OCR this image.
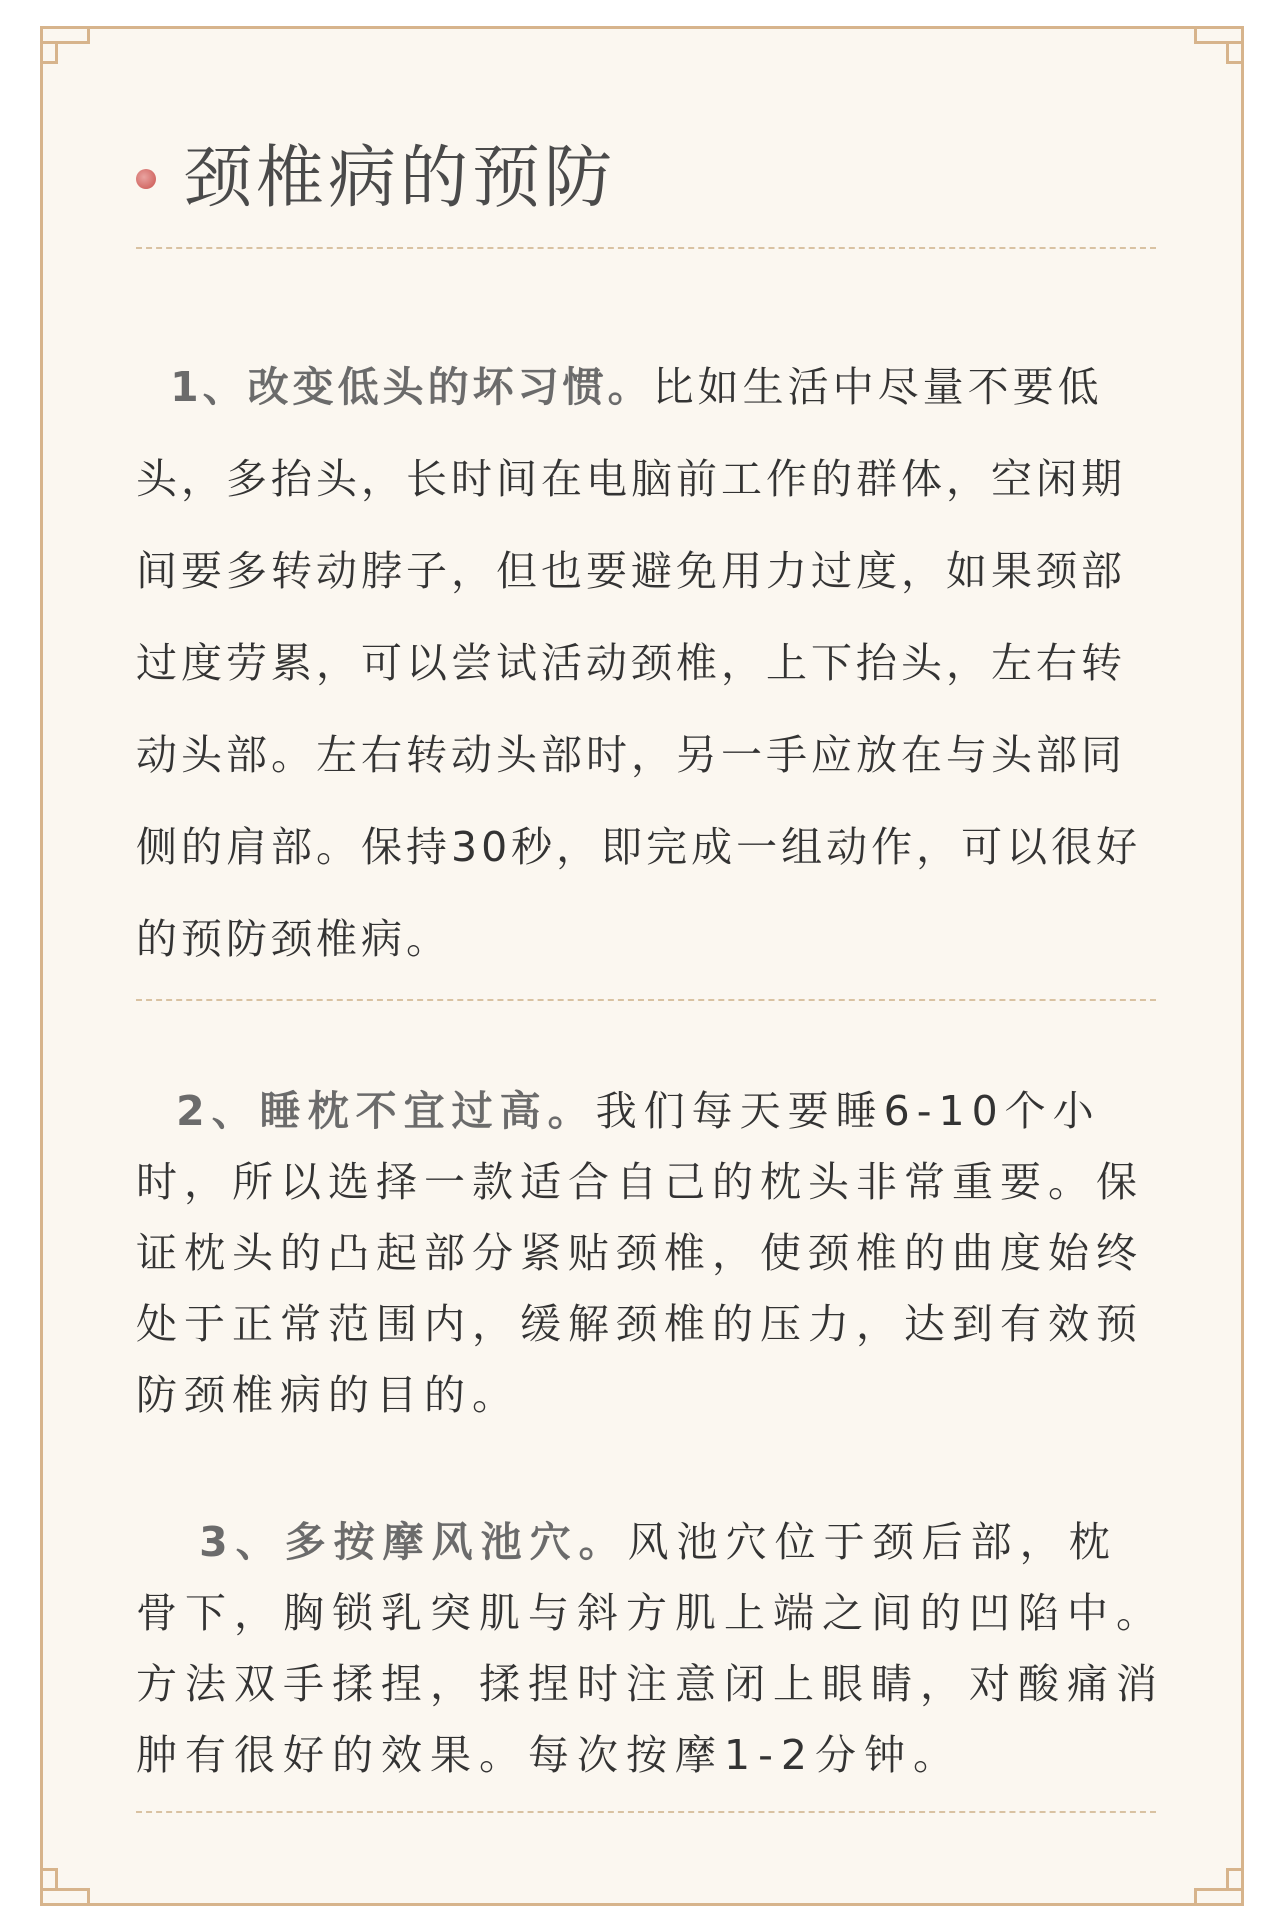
颈椎病的预防
1、改变低头的坏习惯。比如生活中尽量不要低头，多抬头，长时间在电脑前工作的群体，空闲期间要多转动脖子，但也要避免用力过度，如果颈部过度劳累，可以尝试活动颈椎，上下抬头，左右转动头部。左右转动头部时，另一手应放在与头部同侧的肩部。保持30秒，即完成一组动作，可以很好的预防颈椎病。
2、睡枕不宜过高。我们每天要睡6-10个小时，所以选择一款适合自己的枕头非常重要。保证枕头的凸起部分紧贴颈椎，使颈椎的曲度始终处于正常范围内，缓解颈椎的压力，达到有效预防颈椎病的目的。
3、多按摩风池穴。风池穴位于颈后部，枕骨下，胸锁乳突肌与斜方肌上端之间的凹陷中。方法双手揉捏，揉捏时注意闭上眼睛，对酸痛消肿有很好的效果。每次按摩1-2分钟。
